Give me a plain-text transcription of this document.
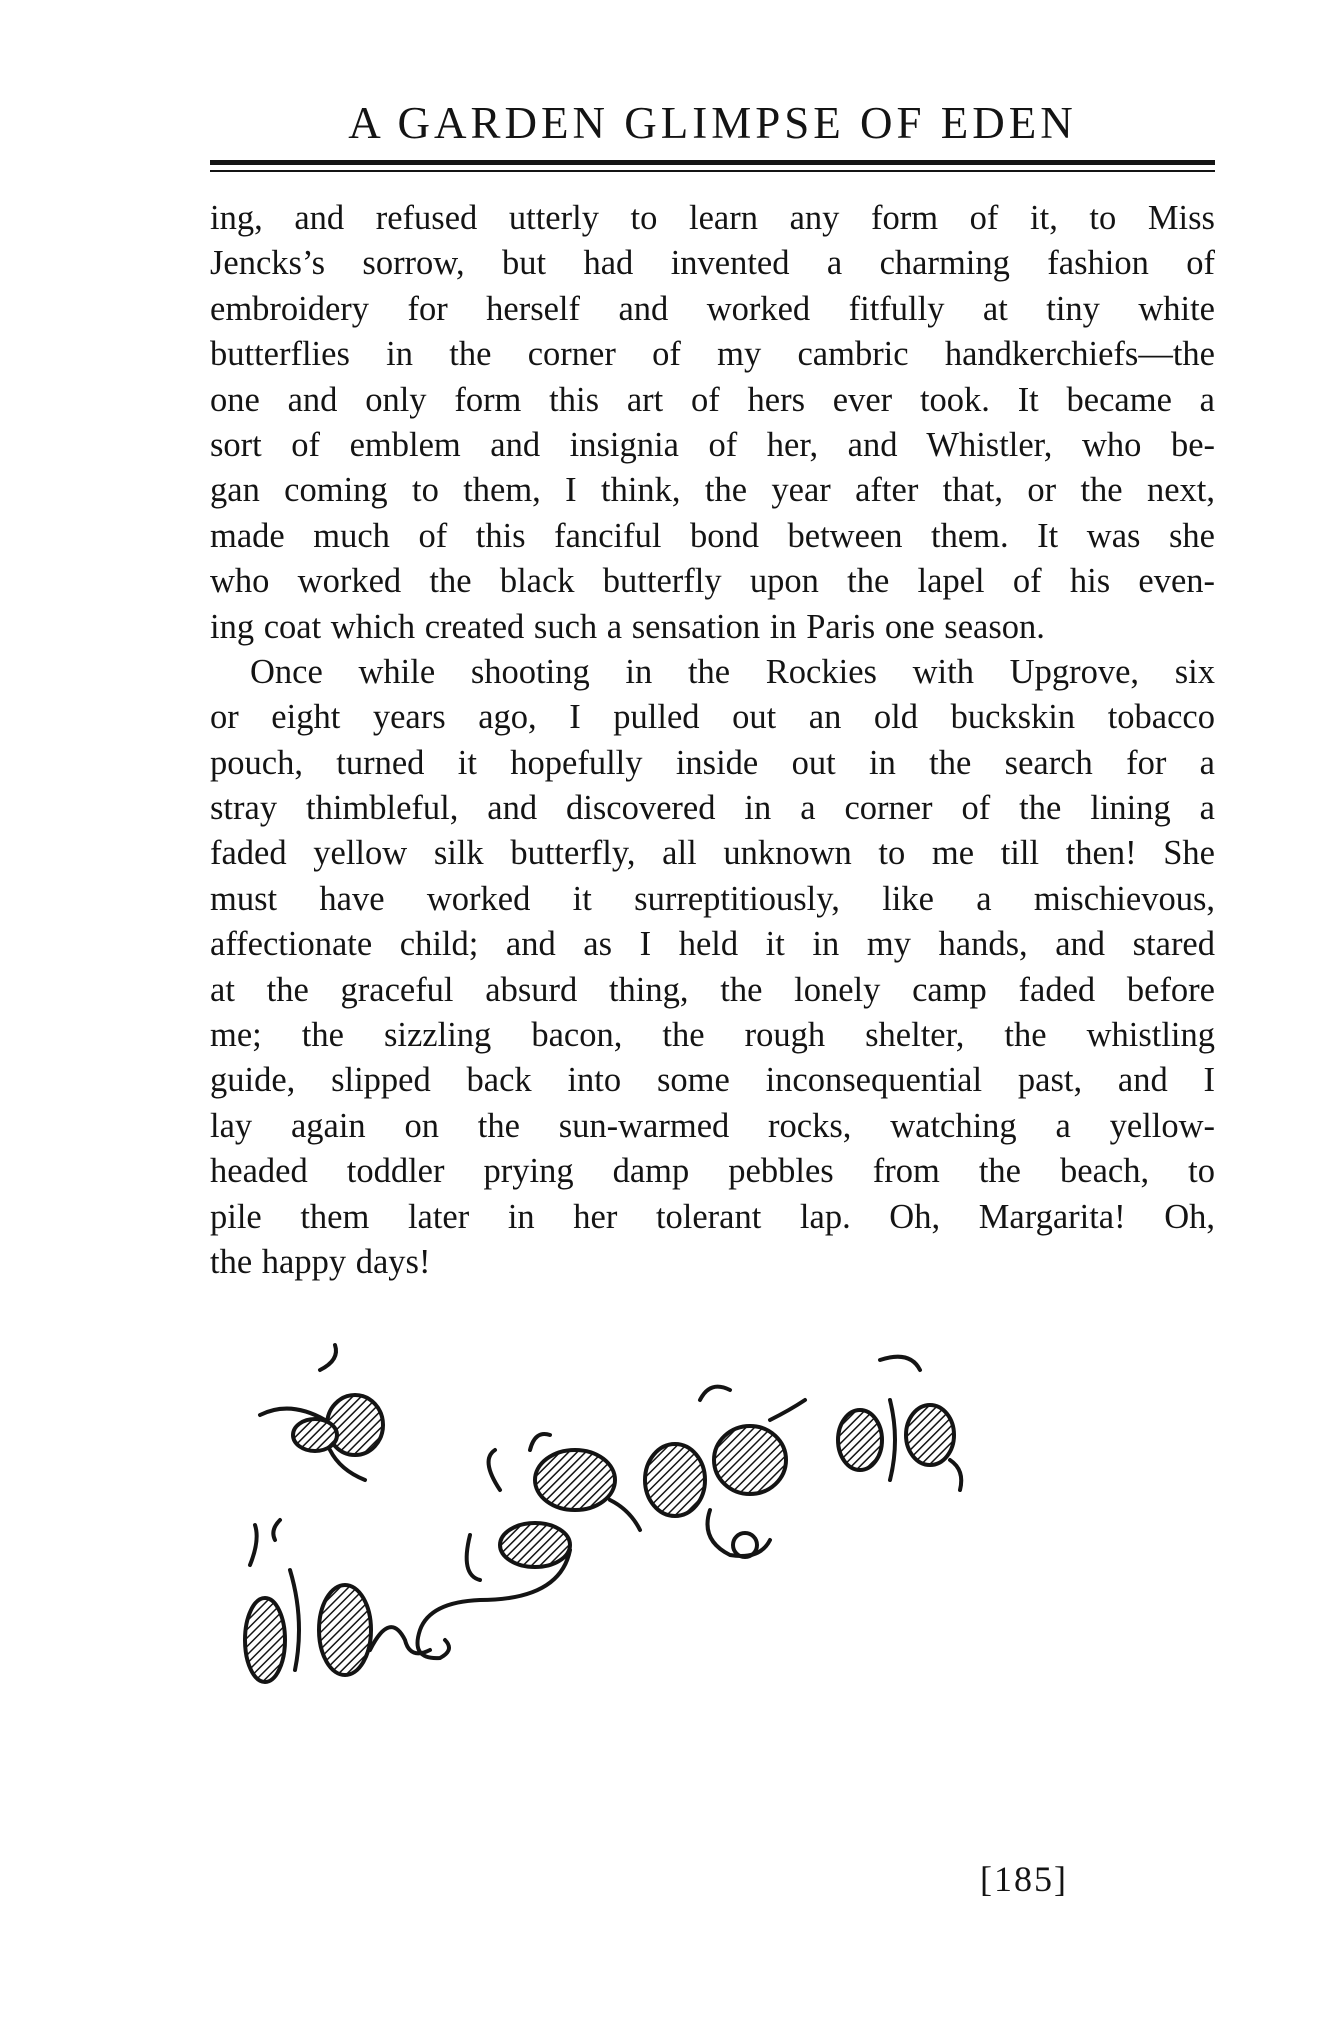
A GARDEN GLIMPSE OF EDEN
ing, and refused utterly to learn any form of it, to Miss
Jencks’s sorrow, but had invented a charming fashion of
embroidery for herself and worked fitfully at tiny white
butterflies in the corner of my cambric handkerchiefs—the
one and only form this art of hers ever took. It became a
sort of emblem and insignia of her, and Whistler, who be-
gan coming to them, I think, the year after that, or the next,
made much of this fanciful bond between them. It was she
who worked the black butterfly upon the lapel of his even-
ing coat which created such a sensation in Paris one season.
Once while shooting in the Rockies with Upgrove, six
or eight years ago, I pulled out an old buckskin tobacco
pouch, turned it hopefully inside out in the search for a
stray thimbleful, and discovered in a corner of the lining a
faded yellow silk butterfly, all unknown to me till then! She
must have worked it surreptitiously, like a mischievous,
affectionate child; and as I held it in my hands, and stared
at the graceful absurd thing, the lonely camp faded before
me; the sizzling bacon, the rough shelter, the whistling
guide, slipped back into some inconsequential past, and I
lay again on the sun-warmed rocks, watching a yellow-
headed toddler prying damp pebbles from the beach, to
pile them later in her tolerant lap. Oh, Margarita! Oh,
the happy days!
[185]
